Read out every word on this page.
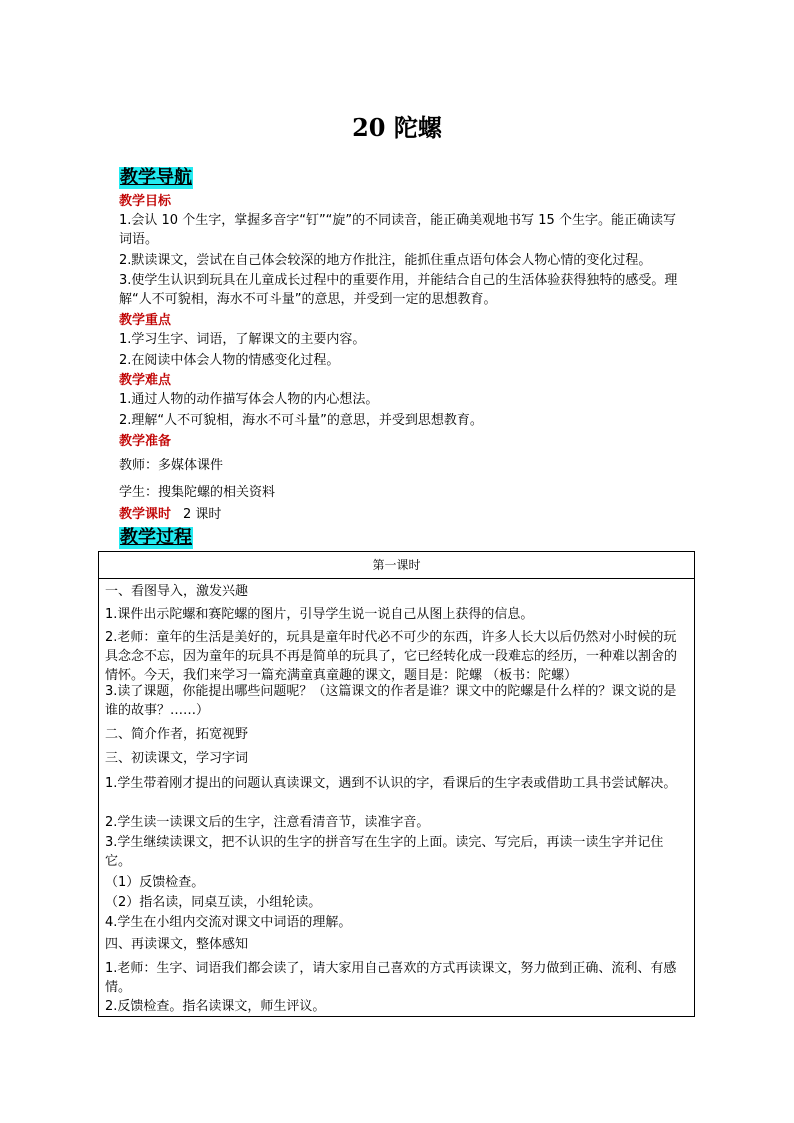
20 陀螺
教学导航
教学目标
1.会认 10 个生字，掌握多音字“钉”“旋”的不同读音，能正确美观地书写 15 个生字。能正确读写词语。
2.默读课文，尝试在自己体会较深的地方作批注，能抓住重点语句体会人物心情的变化过程。
3.使学生认识到玩具在儿童成长过程中的重要作用，并能结合自己的生活体验获得独特的感受。理解“人不可貌相，海水不可斗量”的意思，并受到一定的思想教育。
教学重点
1.学习生字、词语，了解课文的主要内容。
2.在阅读中体会人物的情感变化过程。
教学难点
1.通过人物的动作描写体会人物的内心想法。
2.理解“人不可貌相，海水不可斗量”的意思，并受到思想教育。
教学准备
教师：多媒体课件
学生：搜集陀螺的相关资料
教学课时 2 课时
教学过程
第一课时
一、看图导入，激发兴趣
1.课件出示陀螺和赛陀螺的图片，引导学生说一说自己从图上获得的信息。
2.老师：童年的生活是美好的，玩具是童年时代必不可少的东西，许多人长大以后仍然对小时候的玩具念念不忘，因为童年的玩具不再是简单的玩具了，它已经转化成一段难忘的经历，一种难以割舍的情怀。今天，我们来学习一篇充满童真童趣的课文，题目是：陀螺 （板书：陀螺）
3.读了课题，你能提出哪些问题呢？（这篇课文的作者是谁？课文中的陀螺是什么样的？课文说的是谁的故事？……）
二、简介作者，拓宽视野
三、初读课文，学习字词
1.学生带着刚才提出的问题认真读课文，遇到不认识的字，看课后的生字表或借助工具书尝试解决。
2.学生读一读课文后的生字，注意看清音节，读准字音。
3.学生继续读课文，把不认识的生字的拼音写在生字的上面。读完、写完后，再读一读生字并记住它。
（1）反馈检查。
（2）指名读，同桌互读，小组轮读。
4.学生在小组内交流对课文中词语的理解。
四、再读课文，整体感知
1.老师：生字、词语我们都会读了，请大家用自己喜欢的方式再读课文，努力做到正确、流利、有感情。
2.反馈检查。指名读课文，师生评议。
